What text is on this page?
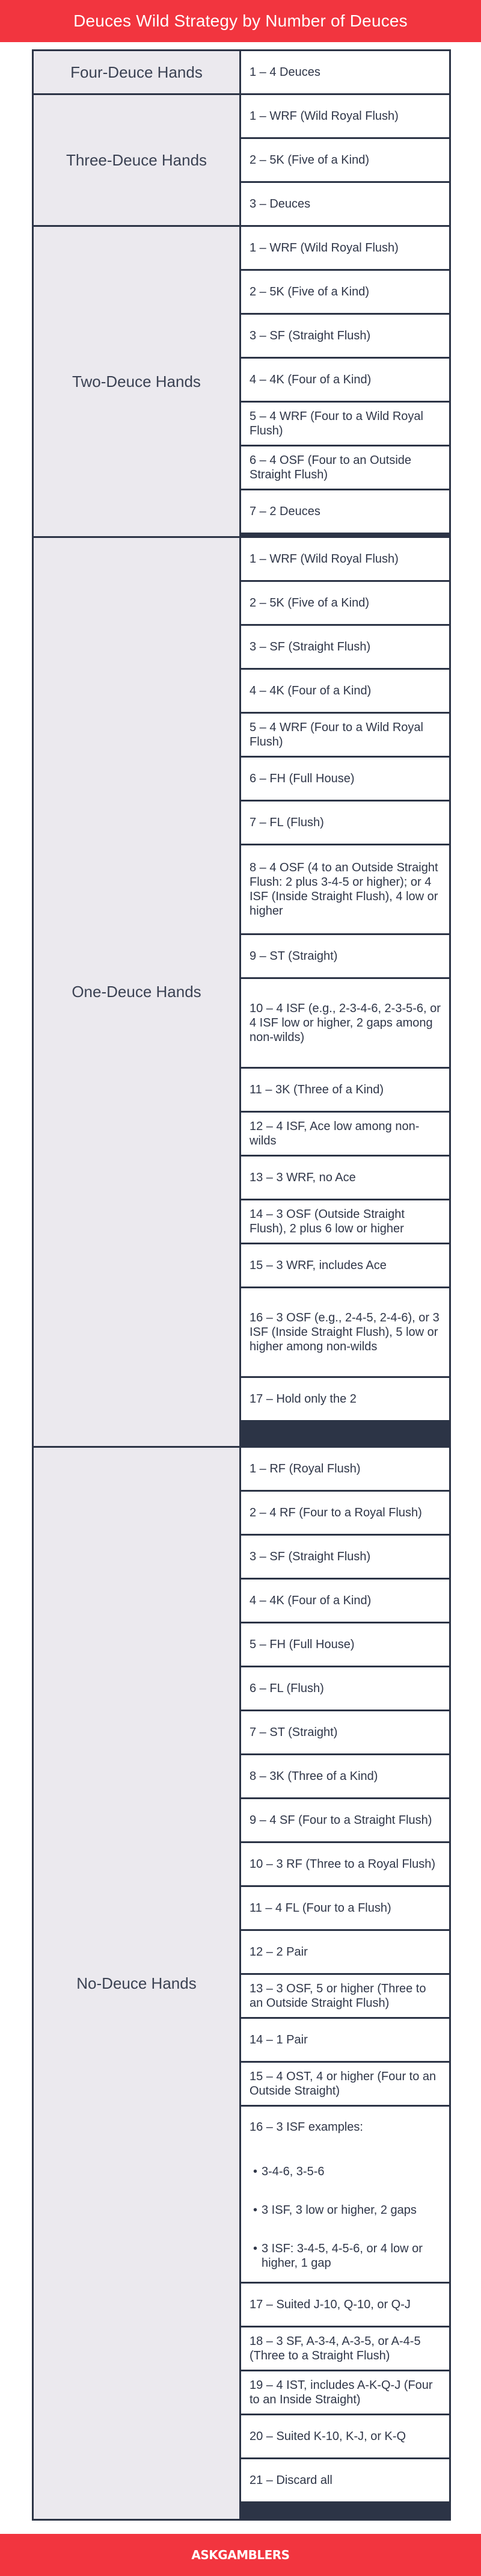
Deuces Wild Strategy by Number of Deuces
Four-Deuce Hands	1 – 4 Deuces
Three-Deuce Hands
1 – WRF (Wild Royal Flush)
2 – 5K (Five of a Kind)
3 – Deuces
Two-Deuce Hands
1 – WRF (Wild Royal Flush)
2 – 5K (Five of a Kind)
3 – SF (Straight Flush)
4 – 4K (Four of a Kind)
5 – 4 WRF (Four to a Wild Royal Flush)
6 – 4 OSF (Four to an Outside Straight Flush)
7 – 2 Deuces
One-Deuce Hands
1 – WRF (Wild Royal Flush)
2 – 5K (Five of a Kind)
3 – SF (Straight Flush)
4 – 4K (Four of a Kind)
5 – 4 WRF (Four to a Wild Royal Flush)
6 – FH (Full House)
7 – FL (Flush)
8 – 4 OSF (4 to an Outside Straight Flush: 2 plus 3-4-5 or higher); or 4 ISF (Inside Straight Flush), 4 low or higher
9 – ST (Straight)
10 – 4 ISF (e.g., 2-3-4-6, 2-3-5-6, or 4 ISF low or higher, 2 gaps among non-wilds)
11 – 3K (Three of a Kind)
12 – 4 ISF, Ace low among non-wilds
13 – 3 WRF, no Ace
14 – 3 OSF (Outside Straight Flush), 2 plus 6 low or higher
15 – 3 WRF, includes Ace
16 – 3 OSF (e.g., 2-4-5, 2-4-6), or 3 ISF (Inside Straight Flush), 5 low or higher among non-wilds
17 – Hold only the 2
No-Deuce Hands
1 – RF (Royal Flush)
2 – 4 RF (Four to a Royal Flush)
3 – SF (Straight Flush)
4 – 4K (Four of a Kind)
5 – FH (Full House)
6 – FL (Flush)
7 – ST (Straight)
8 – 3K (Three of a Kind)
9 – 4 SF (Four to a Straight Flush)
10 – 3 RF (Three to a Royal Flush)
11 – 4 FL (Four to a Flush)
12 – 2 Pair
13 – 3 OSF, 5 or higher (Three to an Outside Straight Flush)
14 – 1 Pair
15 – 4 OST, 4 or higher (Four to an Outside Straight)
16 – 3 ISF examples:
• 3-4-6, 3-5-6
• 3 ISF, 3 low or higher, 2 gaps
• 3 ISF: 3-4-5, 4-5-6, or 4 low or higher, 1 gap
17 – Suited J-10, Q-10, or Q-J
18 – 3 SF, A-3-4, A-3-5, or A-4-5 (Three to a Straight Flush)
19 – 4 IST, includes A-K-Q-J (Four to an Inside Straight)
20 – Suited K-10, K-J, or K-Q
21 – Discard all
ASKGAMBLERS
